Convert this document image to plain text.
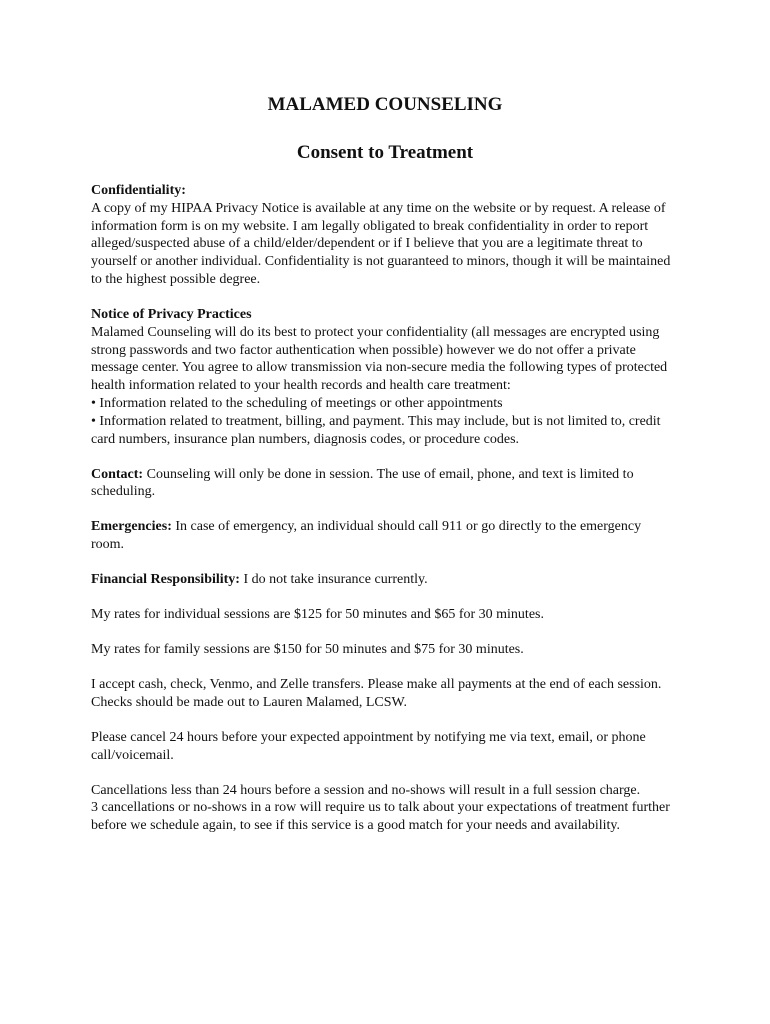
MALAMED COUNSELING
Consent to Treatment

Confidentiality:
A copy of my HIPAA Privacy Notice is available at any time on the website or by request. A release of information form is on my website. I am legally obligated to break confidentiality in order to report alleged/suspected abuse of a child/elder/dependent or if I believe that you are a legitimate threat to yourself or another individual. Confidentiality is not guaranteed to minors, though it will be maintained to the highest possible degree.

Notice of Privacy Practices
Malamed Counseling will do its best to protect your confidentiality (all messages are encrypted using strong passwords and two factor authentication when possible) however we do not offer a private message center. You agree to allow transmission via non-secure media the following types of protected health information related to your health records and health care treatment:
• Information related to the scheduling of meetings or other appointments
• Information related to treatment, billing, and payment. This may include, but is not limited to, credit card numbers, insurance plan numbers, diagnosis codes, or procedure codes.

Contact: Counseling will only be done in session. The use of email, phone, and text is limited to scheduling.

Emergencies: In case of emergency, an individual should call 911 or go directly to the emergency room.

Financial Responsibility: I do not take insurance currently.

My rates for individual sessions are $125 for 50 minutes and $65 for 30 minutes.

My rates for family sessions are $150 for 50 minutes and $75 for 30 minutes.

I accept cash, check, Venmo, and Zelle transfers. Please make all payments at the end of each session. Checks should be made out to Lauren Malamed, LCSW.

Please cancel 24 hours before your expected appointment by notifying me via text, email, or phone call/voicemail.

Cancellations less than 24 hours before a session and no-shows will result in a full session charge.

3 cancellations or no-shows in a row will require us to talk about your expectations of treatment further before we schedule again, to see if this service is a good match for your needs and availability.
